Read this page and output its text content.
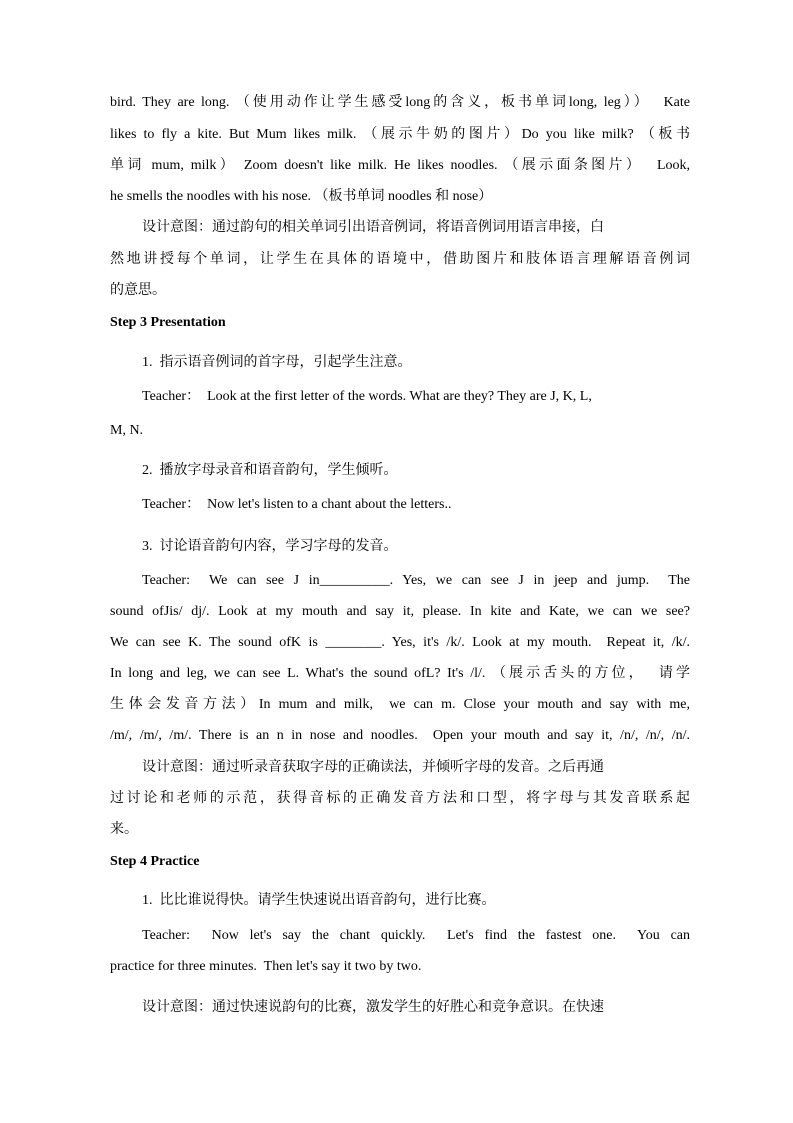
bird. They are long. （使用动作让学生感受long的含义，板书单词long, leg））  Kate
likes to fly a kite. But Mum likes milk. （展示牛奶的图片）Do you like milk? （板书
单词 mum, milk） Zoom doesn't like milk. He likes noodles. （展示面条图片）  Look,
he smells the noodles with his nose. （板书单词 noodles 和 nose）
设计意图：通过韵句的相关单词引出语音例词，将语音例词用语言串接，白
然地讲授每个单词，让学生在具体的语境中，借助图片和肢体语言理解语音例词
的意思。
Step 3 Presentation
1.  指示语音例词的首字母，引起学生注意。
Teacher：  Look at the first letter of the words. What are they? They are J, K, L,
M, N.
2.  播放字母录音和语音韵句，学生倾听。
Teacher：  Now let's listen to a chant about the letters..
3.  讨论语音韵句内容，学习字母的发音。
Teacher:  We can see J in__________. Yes, we can see J in jeep and jump.  The
sound ofJis/ dj/. Look at my mouth and say it, please. In kite and Kate, we can we see?
We can see K. The sound ofK is ________. Yes, it's /k/. Look at my mouth.  Repeat it, /k/.
In long and leg, we can see L. What's the sound ofL? It's /l/. （展示舌头的方位，  请学
生体会发音方法）In mum and milk,  we can m. Close your mouth and say with me,
/m/, /m/, /m/. There is an n in nose and noodles.  Open your mouth and say it, /n/, /n/, /n/.
设计意图：通过听录音获取字母的正确读法，并倾听字母的发音。之后再通
过讨论和老师的示范，获得音标的正确发音方法和口型，将字母与其发音联系起
来。
Step 4 Practice
1.  比比谁说得快。请学生快速说出语音韵句，进行比赛。
Teacher:  Now let's say the chant quickly.  Let's find the fastest one.  You can
practice for three minutes.  Then let's say it two by two.
设计意图：通过快速说韵句的比赛，激发学生的好胜心和竞争意识。在快速
